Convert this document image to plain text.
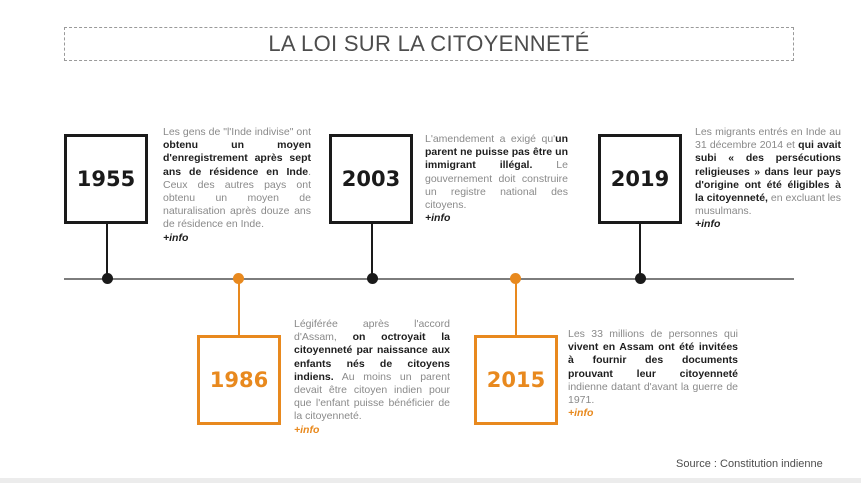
LA LOI SUR LA CITOYENNETÉ
1955
Les gens de "l'Inde indivise" ont obtenu un moyen d'enregistrement après sept ans de résidence en Inde. Ceux des autres pays ont obtenu un moyen de naturalisation après douze ans de résidence en Inde.
+info
1986
Légiférée après l'accord d'Assam, on octroyait la citoyenneté par naissance aux enfants nés de citoyens indiens. Au moins un parent devait être citoyen indien pour que l'enfant puisse bénéficier de la citoyenneté.
+info
2003
L'amendement a exigé qu'un parent ne puisse pas être un immigrant illégal. Le gouvernement doit construire un registre national des citoyens.
+info
2015
Les 33 millions de personnes qui vivent en Assam ont été invitées à fournir des documents prouvant leur citoyenneté indienne datant d'avant la guerre de 1971.
+info
2019
Les migrants entrés en Inde au 31 décembre 2014 et qui avait subi « des persécutions religieuses » dans leur pays d'origine ont été éligibles à la citoyenneté, en excluant les musulmans.
+info
Source : Constitution indienne
